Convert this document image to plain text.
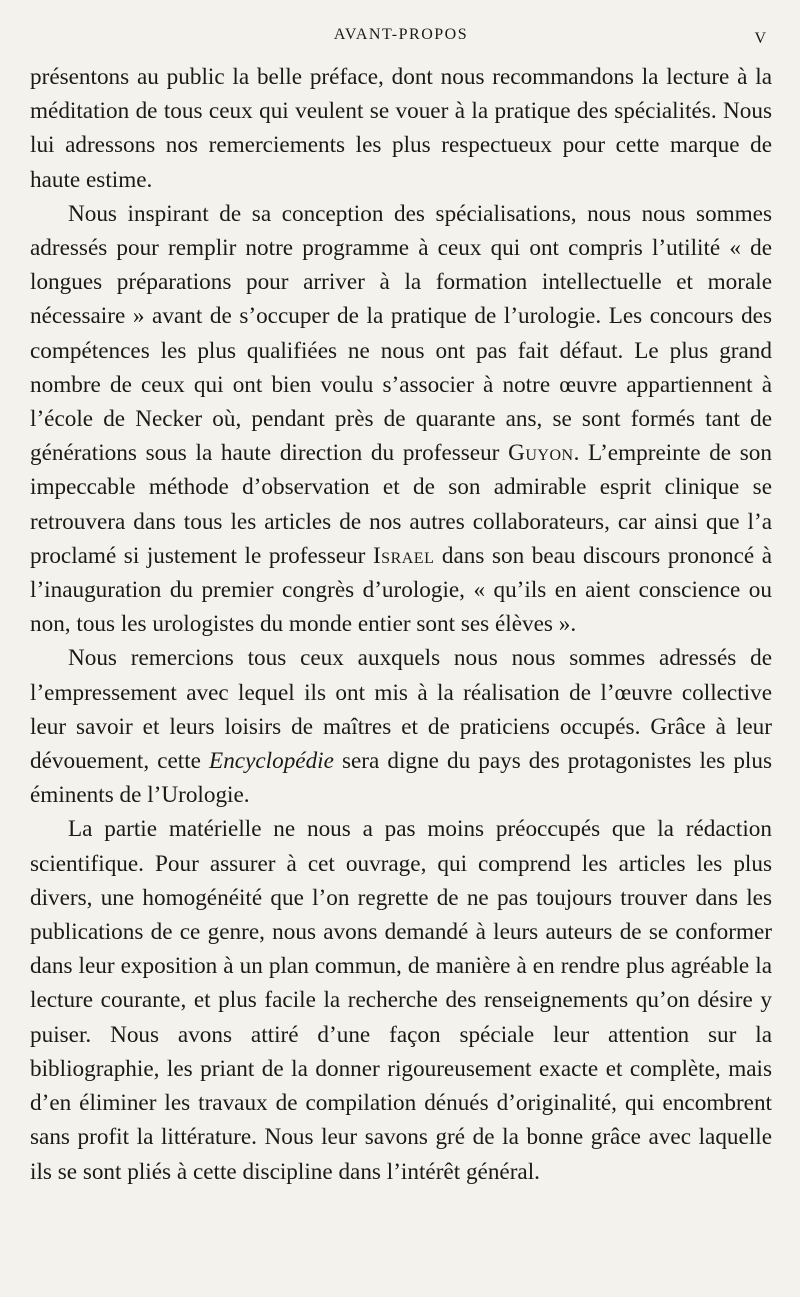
AVANT-PROPOS	V

présentons au public la belle préface, dont nous recommandons la lecture à la méditation de tous ceux qui veulent se vouer à la pratique des spécialités. Nous lui adressons nos remerciements les plus respectueux pour cette marque de haute estime.

Nous inspirant de sa conception des spécialisations, nous nous sommes adressés pour remplir notre programme à ceux qui ont compris l’utilité « de longues préparations pour arriver à la formation intellectuelle et morale nécessaire » avant de s’occuper de la pratique de l’urologie. Les concours des compétences les plus qualifiées ne nous ont pas fait défaut. Le plus grand nombre de ceux qui ont bien voulu s’associer à notre œuvre appartiennent à l’école de Necker où, pendant près de quarante ans, se sont formés tant de générations sous la haute direction du professeur Guyon. L’empreinte de son impeccable méthode d’observation et de son admirable esprit clinique se retrouvera dans tous les articles de nos autres collaborateurs, car ainsi que l’a proclamé si justement le professeur Israel dans son beau discours prononcé à l’inauguration du premier congrès d’urologie, « qu’ils en aient conscience ou non, tous les urologistes du monde entier sont ses élèves ».

Nous remercions tous ceux auxquels nous nous sommes adressés de l’empressement avec lequel ils ont mis à la réalisation de l’œuvre collective leur savoir et leurs loisirs de maîtres et de praticiens occupés. Grâce à leur dévouement, cette Encyclopédie sera digne du pays des protagonistes les plus éminents de l’Urologie.

La partie matérielle ne nous a pas moins préoccupés que la rédaction scientifique. Pour assurer à cet ouvrage, qui comprend les articles les plus divers, une homogénéité que l’on regrette de ne pas toujours trouver dans les publications de ce genre, nous avons demandé à leurs auteurs de se conformer dans leur exposition à un plan commun, de manière à en rendre plus agréable la lecture courante, et plus facile la recherche des renseignements qu’on désire y puiser. Nous avons attiré d’une façon spéciale leur attention sur la bibliographie, les priant de la donner rigoureusement exacte et complète, mais d’en éliminer les travaux de compilation dénués d’originalité, qui encombrent sans profit la littérature. Nous leur savons gré de la bonne grâce avec laquelle ils se sont pliés à cette discipline dans l’intérêt général.
